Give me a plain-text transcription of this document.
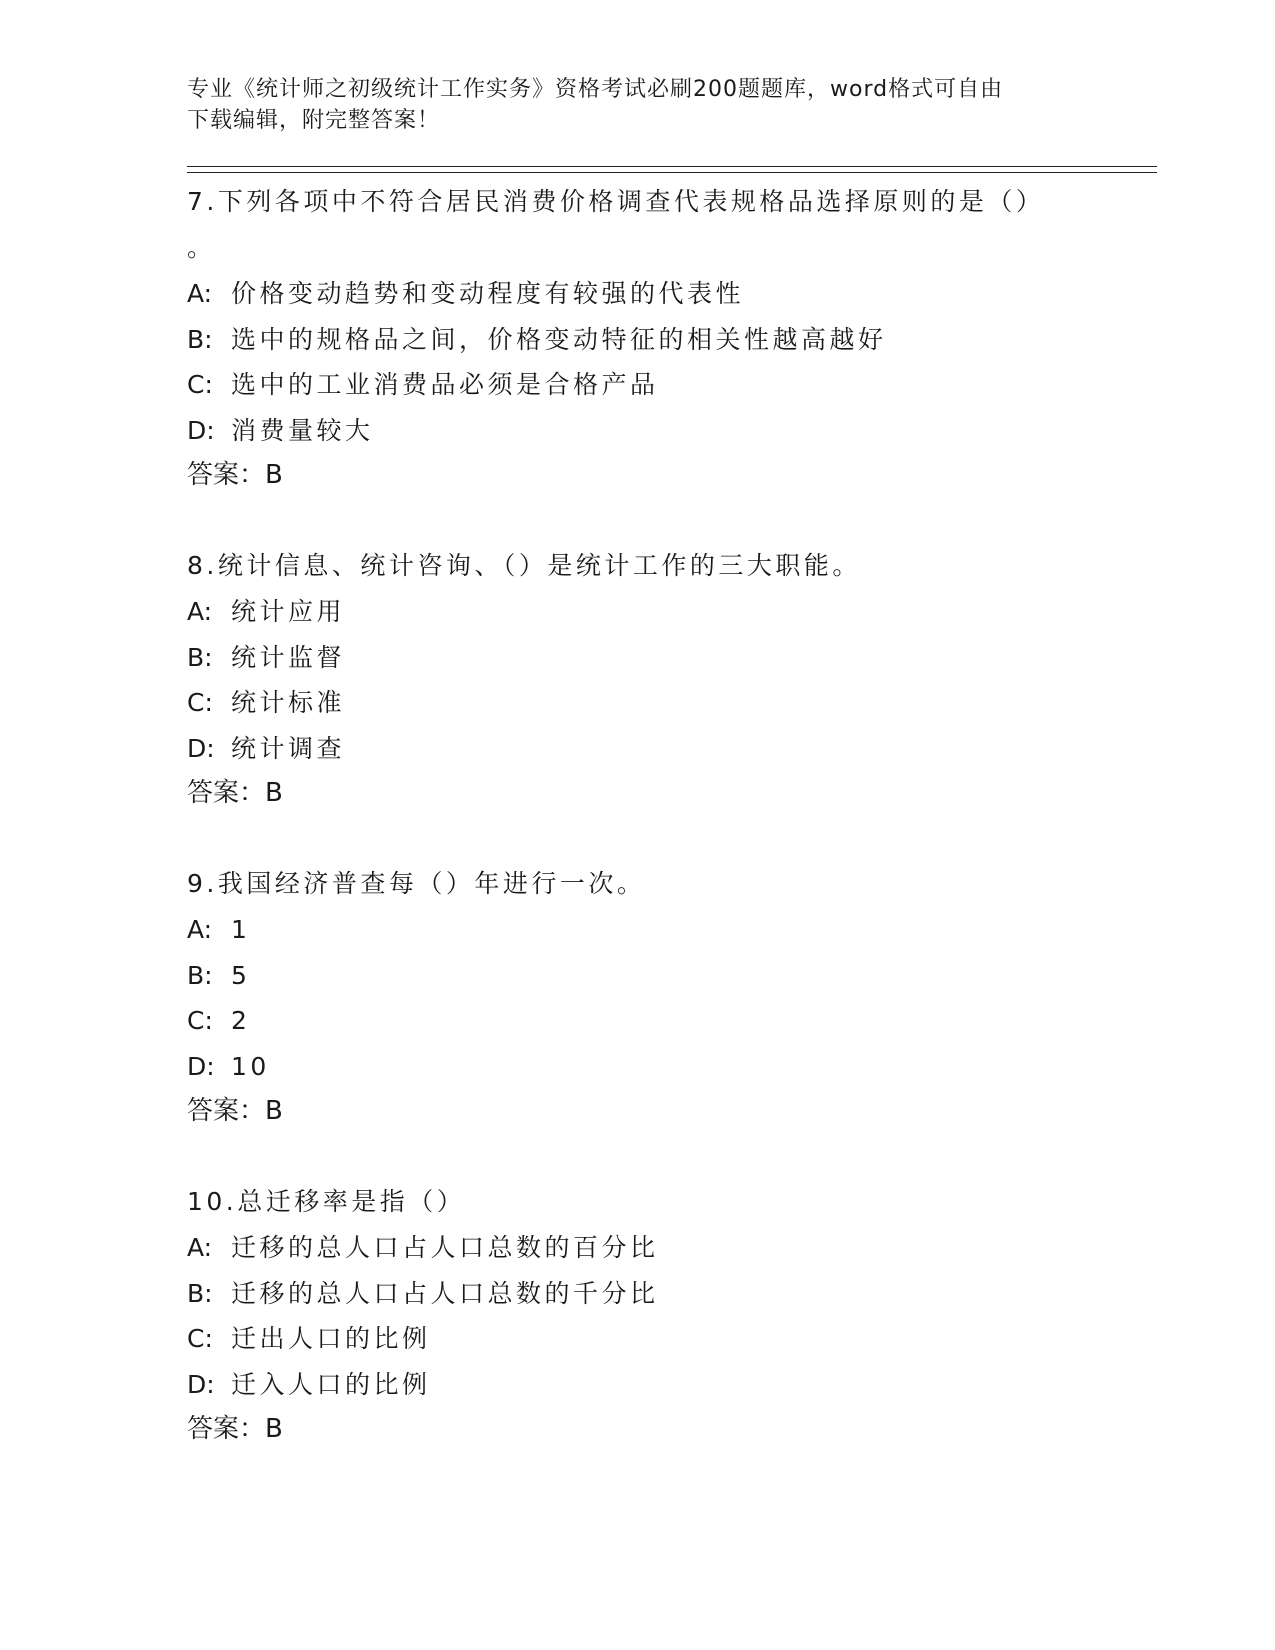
专业《统计师之初级统计工作实务》资格考试必刷200题题库，word格式可自由
下载编辑，附完整答案！
7.下列各项中不符合居民消费价格调查代表规格品选择原则的是（）
。
A: 价格变动趋势和变动程度有较强的代表性
B: 选中的规格品之间，价格变动特征的相关性越高越好
C: 选中的工业消费品必须是合格产品
D: 消费量较大
答案：B
8.统计信息、统计咨询、（）是统计工作的三大职能。
A: 统计应用
B: 统计监督
C: 统计标准
D: 统计调查
答案：B
9.我国经济普查每（）年进行一次。
A: 1
B: 5
C: 2
D: 10
答案：B
10.总迁移率是指（）
A: 迁移的总人口占人口总数的百分比
B: 迁移的总人口占人口总数的千分比
C: 迁出人口的比例
D: 迁入人口的比例
答案：B
